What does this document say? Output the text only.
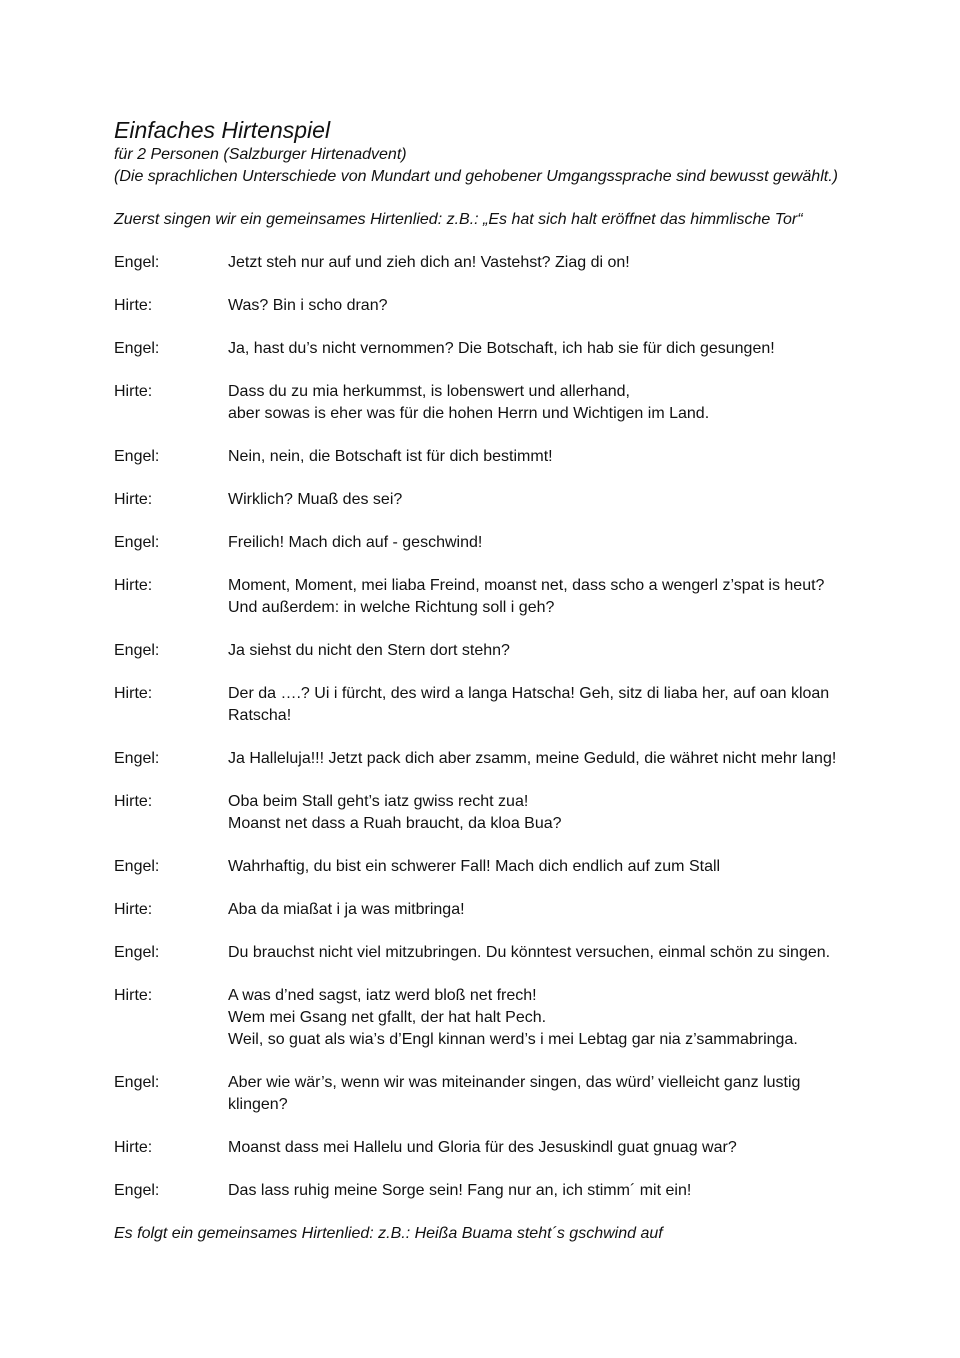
Einfaches Hirtenspiel

für 2 Personen (Salzburger Hirtenadvent)

(Die sprachlichen Unterschiede von Mundart und gehobener Umgangssprache sind bewusst gewählt.)

Zuerst singen wir ein gemeinsames Hirtenlied: z.B.: „Es hat sich halt eröffnet das himmlische Tor“

Engel:	Jetzt steh nur auf und zieh dich an! Vastehst? Ziag di on!
Hirte:	Was? Bin i scho dran?
Engel:	Ja, hast du’s nicht vernommen? Die Botschaft, ich hab sie für dich gesungen!
Hirte:	Dass du zu mia herkummst, is lobenswert und allerhand,
aber sowas is eher was für die hohen Herrn und Wichtigen im Land.
Engel:	Nein, nein, die Botschaft ist für dich bestimmt!
Hirte:	Wirklich? Muaß des sei?
Engel:	Freilich! Mach dich auf - geschwind!
Hirte:	Moment, Moment, mei liaba Freind, moanst net, dass scho a wengerl z’spat is heut?
Und außerdem: in welche Richtung soll i geh?
Engel:	Ja siehst du nicht den Stern dort stehn?
Hirte:	Der da ….? Ui i fürcht, des wird a langa Hatscha! Geh, sitz di liaba her, auf oan kloan
Ratscha!
Engel:	Ja Halleluja!!! Jetzt pack dich aber zsamm, meine Geduld, die währet nicht mehr lang!
Hirte:	Oba beim Stall geht’s iatz gwiss recht zua!
Moanst net dass a Ruah braucht, da kloa Bua?
Engel:	Wahrhaftig, du bist ein schwerer Fall! Mach dich endlich auf zum Stall
Hirte:	Aba da miaßat i ja was mitbringa!
Engel:	Du brauchst nicht viel mitzubringen. Du könntest versuchen, einmal schön zu singen.
Hirte:	A was d’ned sagst, iatz werd bloß net frech!
Wem mei Gsang net gfallt, der hat halt Pech.
Weil, so guat als wia’s d’Engl kinnan werd’s i mei Lebtag gar nia z’sammabringa.
Engel:	Aber wie wär’s, wenn wir was miteinander singen, das würd’ vielleicht ganz lustig
klingen?
Hirte:	Moanst dass mei Hallelu und Gloria für des Jesuskindl guat gnuag war?
Engel:	Das lass ruhig meine Sorge sein! Fang nur an, ich stimm´ mit ein!

Es folgt ein gemeinsames Hirtenlied: z.B.: Heißa Buama steht´s gschwind auf
